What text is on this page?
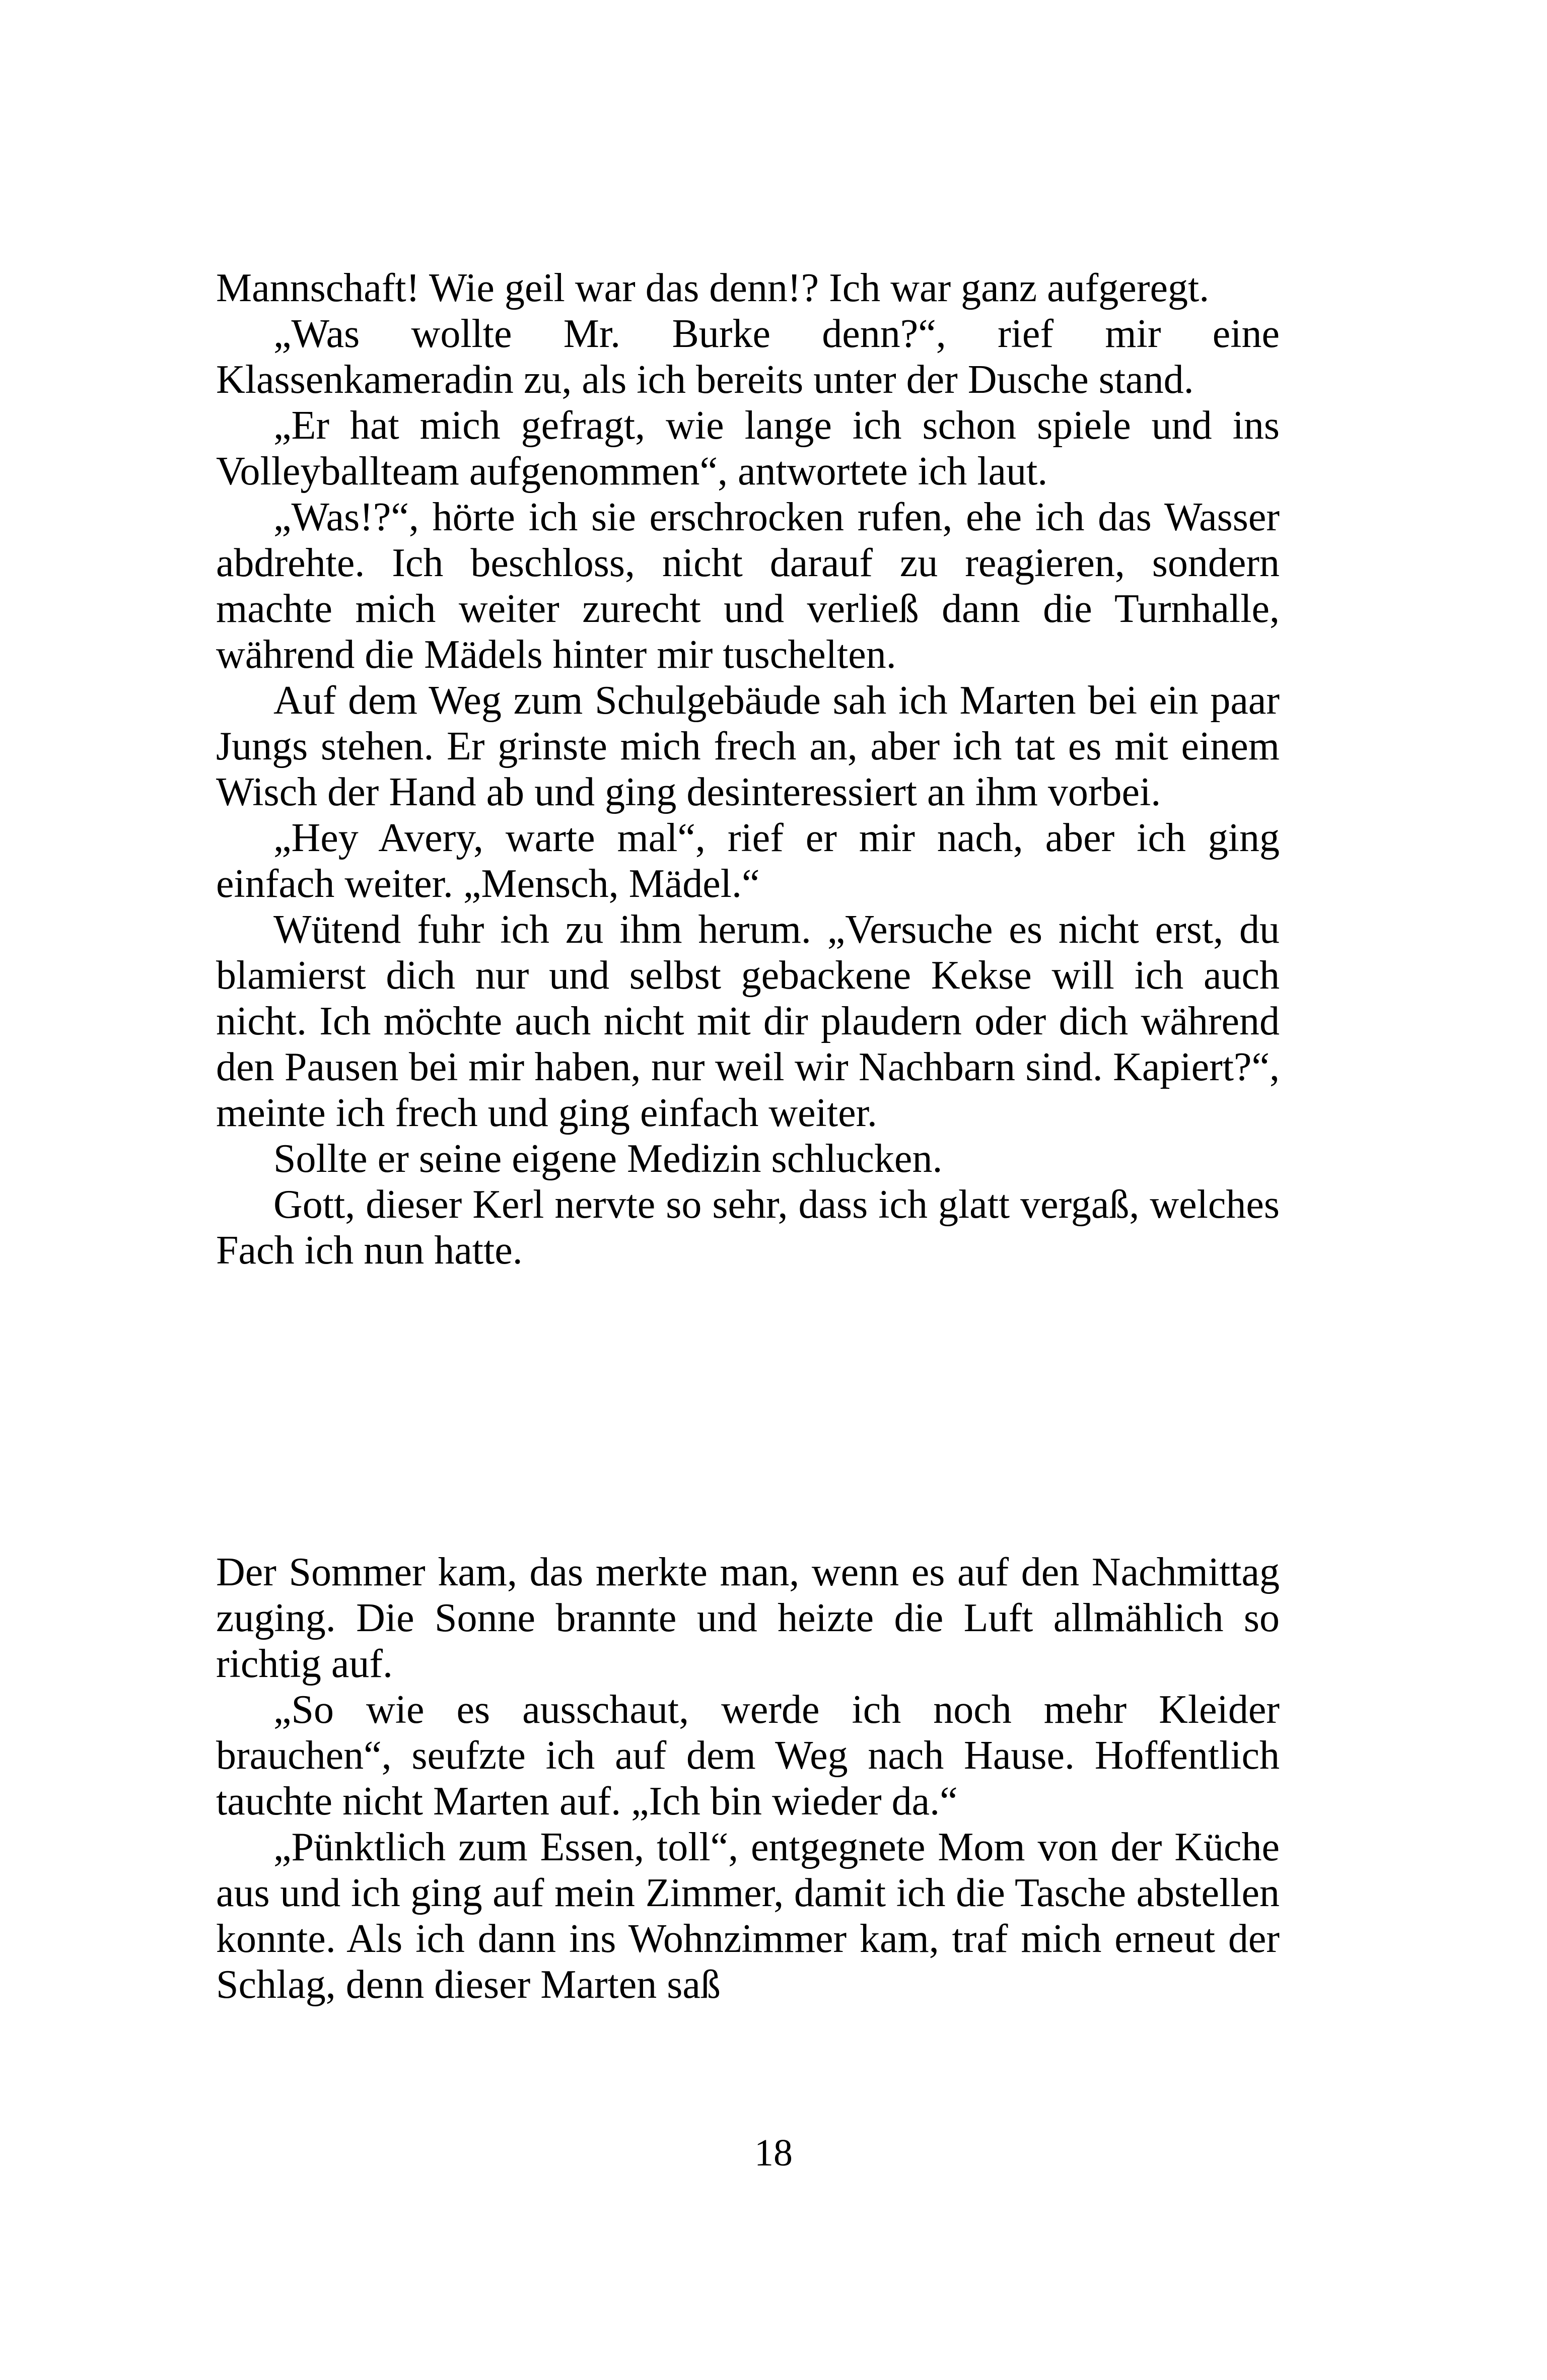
Mannschaft! Wie geil war das denn!? Ich war ganz aufgeregt.

„Was wollte Mr. Burke denn?“, rief mir eine Klassenkameradin zu, als ich bereits unter der Dusche stand.

„Er hat mich gefragt, wie lange ich schon spiele und ins Volleyballteam aufgenommen“, antwortete ich laut.

„Was!?“, hörte ich sie erschrocken rufen, ehe ich das Wasser abdrehte. Ich beschloss, nicht darauf zu reagieren, sondern machte mich weiter zurecht und verließ dann die Turnhalle, während die Mädels hinter mir tuschelten.

Auf dem Weg zum Schulgebäude sah ich Marten bei ein paar Jungs stehen. Er grinste mich frech an, aber ich tat es mit einem Wisch der Hand ab und ging desinteressiert an ihm vorbei.

„Hey Avery, warte mal“, rief er mir nach, aber ich ging einfach weiter. „Mensch, Mädel.“

Wütend fuhr ich zu ihm herum. „Versuche es nicht erst, du blamierst dich nur und selbst gebackene Kekse will ich auch nicht. Ich möchte auch nicht mit dir plaudern oder dich während den Pausen bei mir haben, nur weil wir Nachbarn sind. Kapiert?“, meinte ich frech und ging einfach weiter.

Sollte er seine eigene Medizin schlucken.

Gott, dieser Kerl nervte so sehr, dass ich glatt vergaß, welches Fach ich nun hatte.

Der Sommer kam, das merkte man, wenn es auf den Nachmittag zuging. Die Sonne brannte und heizte die Luft allmählich so richtig auf.

„So wie es ausschaut, werde ich noch mehr Kleider brauchen“, seufzte ich auf dem Weg nach Hause. Hoffentlich tauchte nicht Marten auf. „Ich bin wieder da.“

„Pünktlich zum Essen, toll“, entgegnete Mom von der Küche aus und ich ging auf mein Zimmer, damit ich die Tasche abstellen konnte. Als ich dann ins Wohnzimmer kam, traf mich erneut der Schlag, denn dieser Marten saß

18
